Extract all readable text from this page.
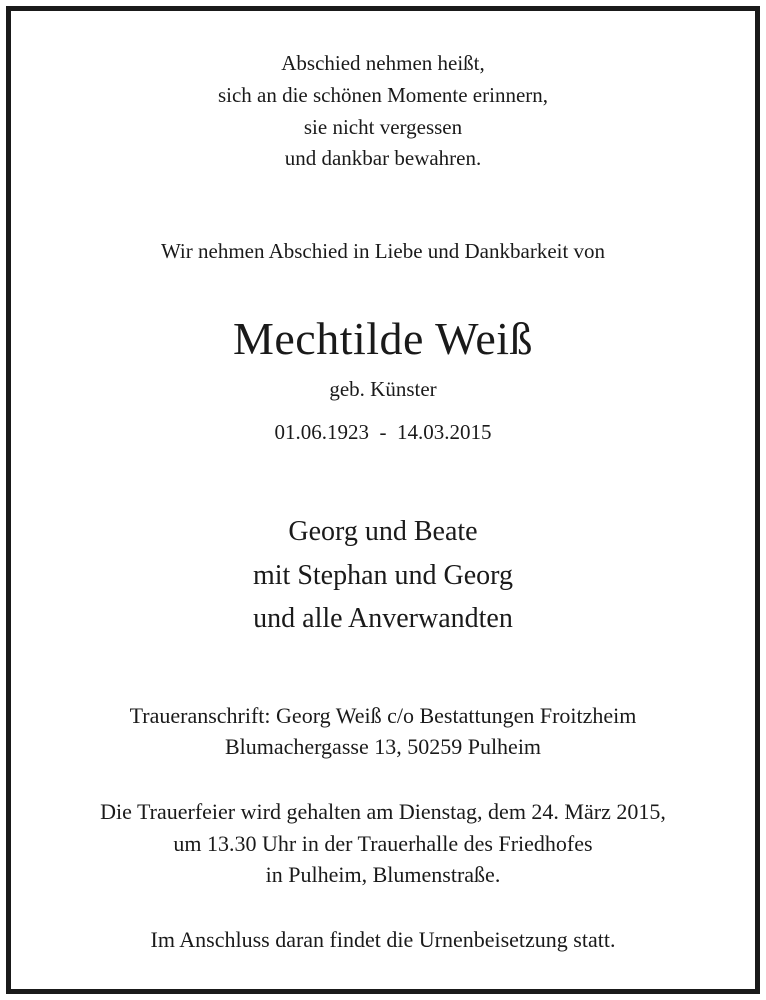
Abschied nehmen heißt,
sich an die schönen Momente erinnern,
sie nicht vergessen
und dankbar bewahren.
Wir nehmen Abschied in Liebe und Dankbarkeit von
Mechtilde Weiß
geb. Künster
01.06.1923  -  14.03.2015
Georg und Beate
mit Stephan und Georg
und alle Anverwandten
Traueranschrift: Georg Weiß c/o Bestattungen Froitzheim
Blumachergasse 13, 50259 Pulheim
Die Trauerfeier wird gehalten am Dienstag, dem 24. März 2015,
um 13.30 Uhr in der Trauerhalle des Friedhofes
in Pulheim, Blumenstraße.
Im Anschluss daran findet die Urnenbeisetzung statt.
